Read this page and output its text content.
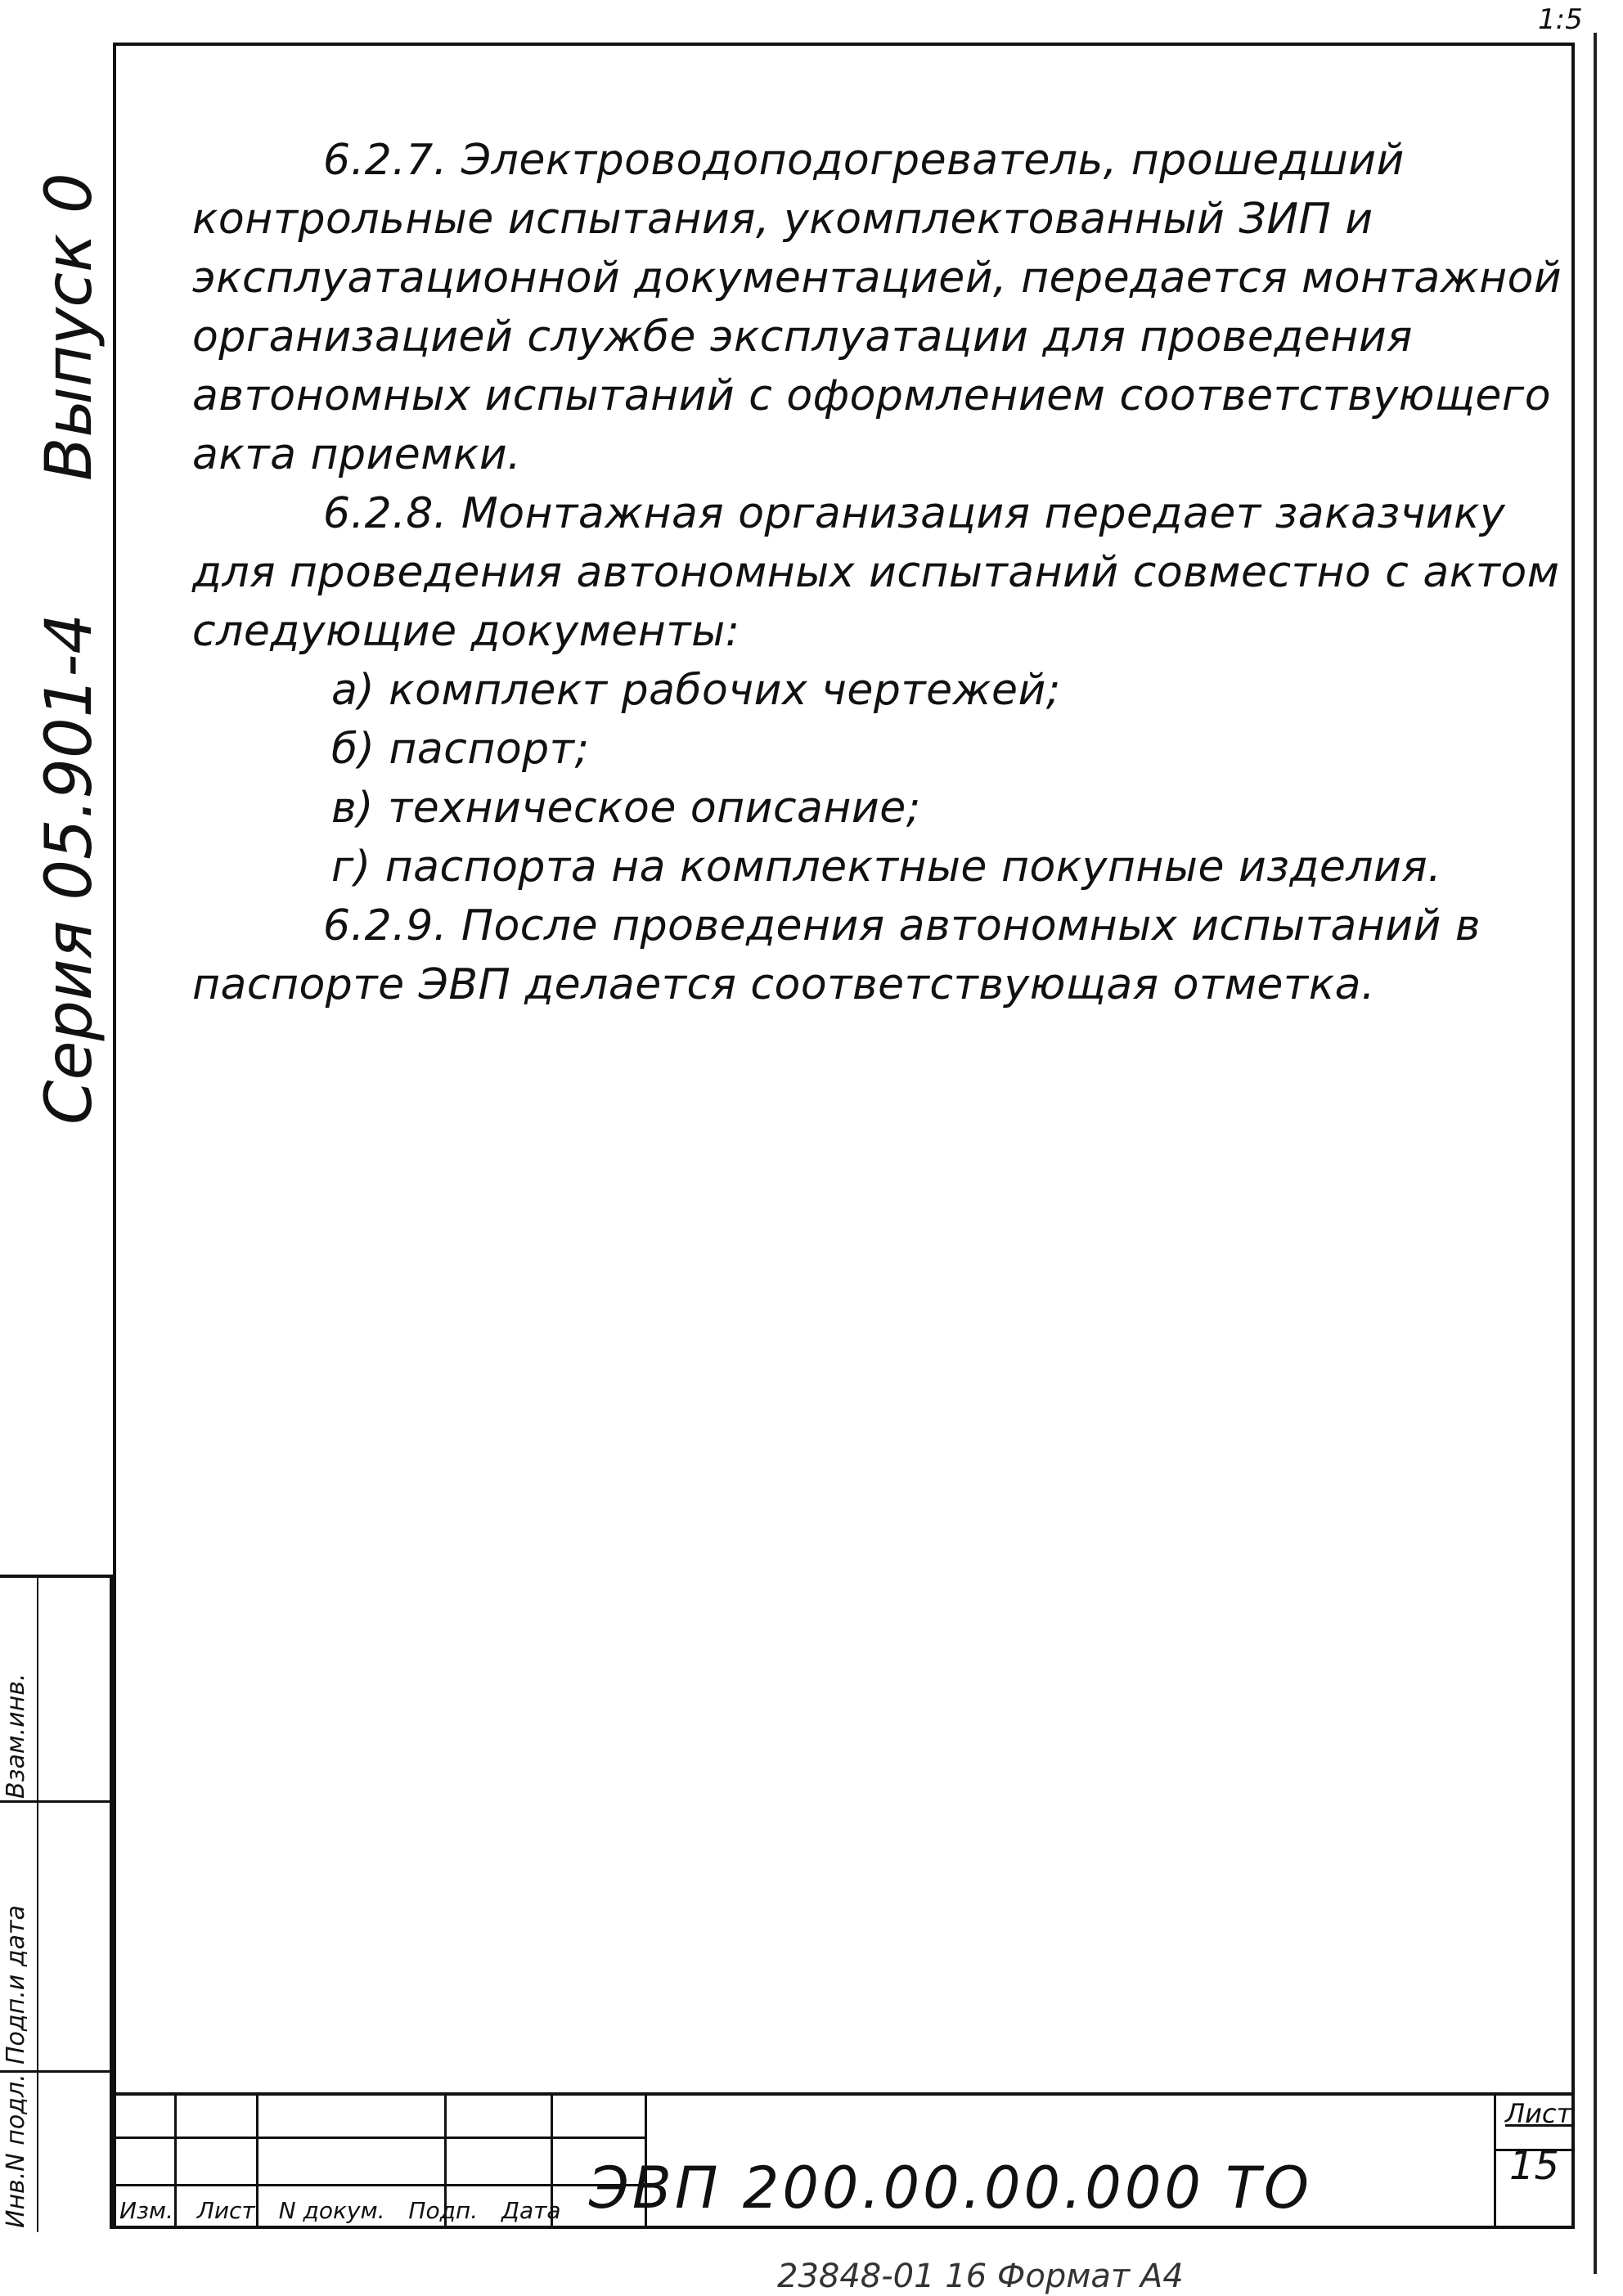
1:5
Серия 05.901-4
Выпуск 0
Взам.инв.
Подп.и дата
Инв.N подл.

6.2.7. Электроводоподогреватель, прошедший контрольные испытания, укомплектованный ЗИП и эксплуатационной документацией, передается монтажной организацией службе эксплуатации для проведения автономных испытаний с оформлением соответствующего акта приемки.

6.2.8. Монтажная организация передает заказчику для проведения автономных испытаний совместно с актом следующие документы:

а) комплект рабочих чертежей;

б) паспорт;

в) техническое описание;

г) паспорта на комплектные покупные изделия.

6.2.9. После проведения автономных испытаний в паспорте ЭВП делается соответствующая отметка.

Изм. Лист N докум. Подп. Дата ЭВП 200.00.00.000 ТО
Лист
15
23848-01 16 Формат А4
